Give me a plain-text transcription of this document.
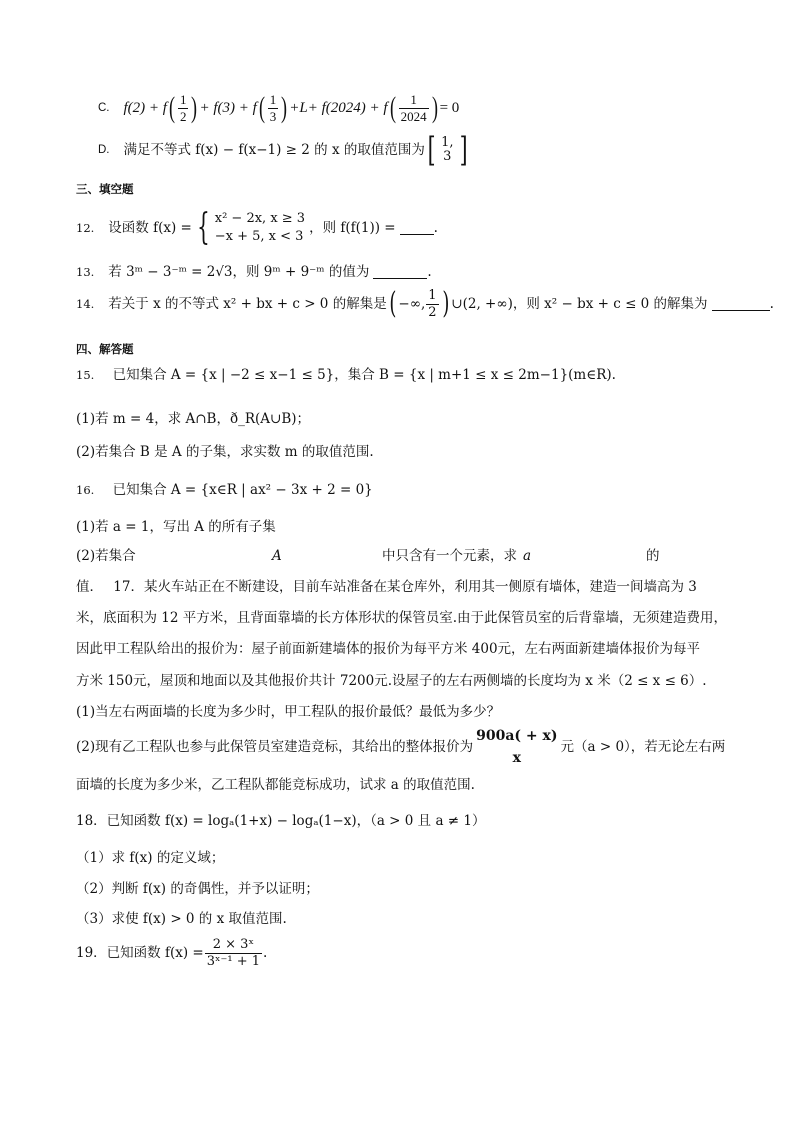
C. f(2) + f ( $\frac{1}{2}$ ) + f(3) + f ( $\frac{1}{3}$ ) +L+ f(2024) + f ( $\frac{1}{2024}$ ) = 0
D. 满足不等式 f(x) − f(x−1) ≥ 2 的 x 的取值范围为 [ 1,
3 ]
三、填空题
12. 设函数 f(x) = { x² − 2x, x ≥ 3
−x + 5, x < 3
，则 f(f(1)) =	.
13. 若 3ᵐ − 3⁻ᵐ = 2√3，则 9ᵐ + 9⁻ᵐ 的值为	.
14. 若关于 x 的不等式 x² + bx + c > 0 的解集是 ( −∞, $\frac{1}{2}$ ) ∪(2, +∞)，则 x² − bx + c ≤ 0 的解集为	.
四、解答题
15. 已知集合 A = {x | −2 ≤ x−1 ≤ 5}，集合 B = {x | m+1 ≤ x ≤ 2m−1}(m∈R).
(1)若 m = 4，求 A∩B，ð_R(A∪B)；
(2)若集合 B 是 A 的子集，求实数 m 的取值范围.
16. 已知集合 A = {x∈R | ax² − 3x + 2 = 0}
(1)若 a = 1，写出 A 的所有子集
(2)若集合	A	中只含有一个元素，求 a	的
值． 17．某火车站正在不断建设，目前车站准备在某仓库外，利用其一侧原有墙体，建造一间墙高为 3
米，底面积为 12 平方米，且背面靠墙的长方体形状的保管员室.由于此保管员室的后背靠墙，无须建造费用，
因此甲工程队给出的报价为：屋子前面新建墙体的报价为每平方米 400元，左右两面新建墙体报价为每平
方米 150元，屋顶和地面以及其他报价共计 7200元.设屋子的左右两侧墙的长度均为 x 米（2 ≤ x ≤ 6）.
(1)当左右两面墙的长度为多少时，甲工程队的报价最低？最低为多少？
(2)现有乙工程队也参与此保管员室建造竞标，其给出的整体报价为
900a( + x)
x
元（a > 0），若无论左右两
面墙的长度为多少米，乙工程队都能竞标成功，试求 a 的取值范围.
18．已知函数 f(x) = logₐ(1+x) − logₐ(1−x)，（a > 0 且 a ≠ 1）
（1）求 f(x) 的定义域；
（2）判断 f(x) 的奇偶性，并予以证明；
（3）求使 f(x) > 0 的 x 取值范围.
19．已知函数 $f(x) = \frac{\text{2 × 3ˣ}}{\text{3ˣ⁻¹ + 1}}$ .
